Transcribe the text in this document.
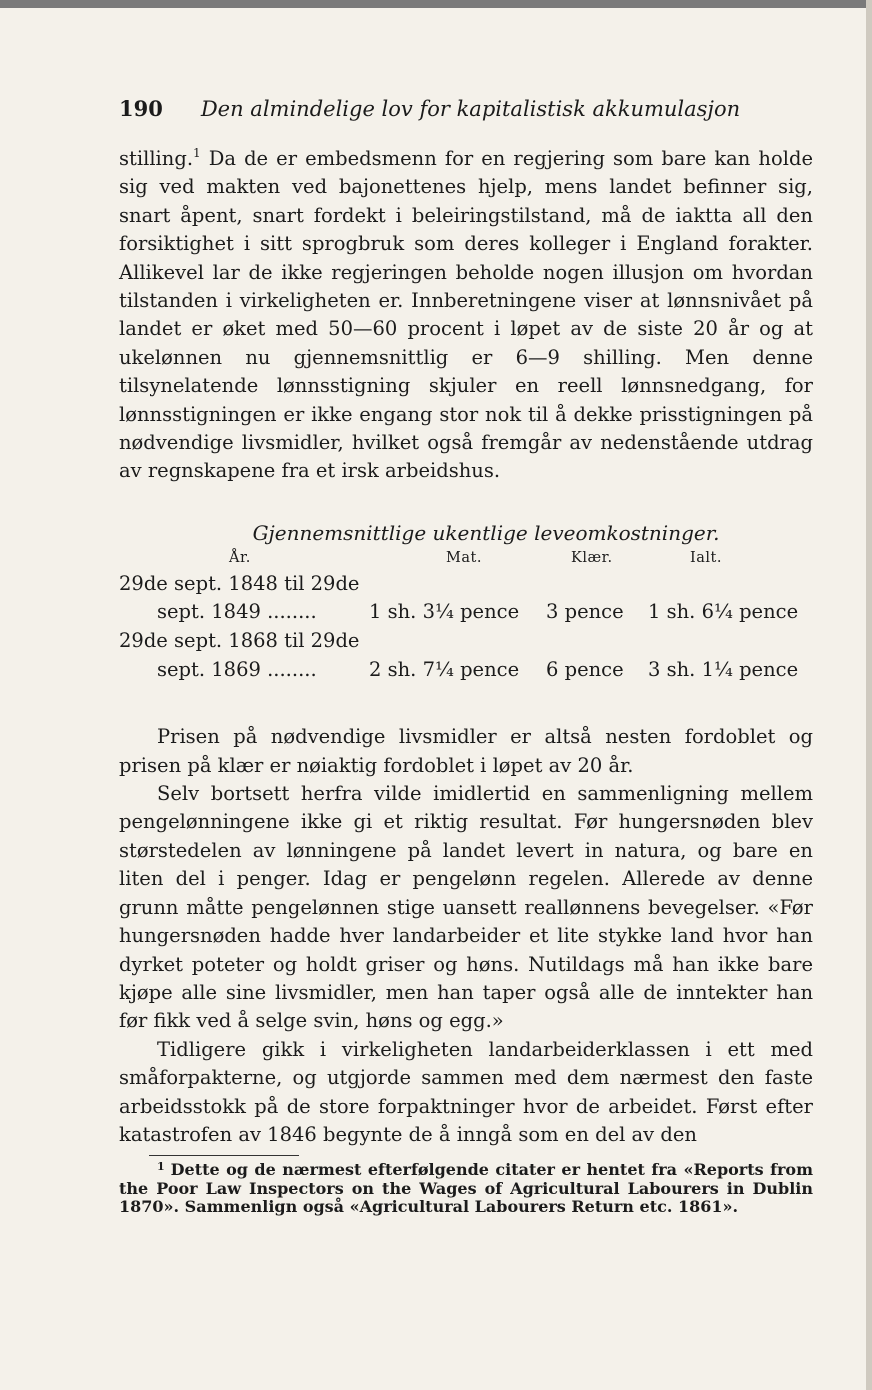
190 Den almindelige lov for kapitalistisk akkumulasjon

stilling.$^1$ Da de er embedsmenn for en regjering som bare kan holde sig ved makten ved bajonettenes hjelp, mens landet befinner sig, snart åpent, snart fordekt i beleiringstilstand, må de iaktta all den forsiktighet i sitt sprogbruk som deres kolleger i England forakter. Allikevel lar de ikke regjeringen beholde nogen illusjon om hvordan tilstanden i virkeligheten er. Innberetningene viser at lønnsnivået på landet er øket med 50—60 procent i løpet av de siste 20 år og at ukelønnen nu gjennemsnittlig er 6—9 shilling. Men denne tilsynelatende lønnsstigning skjuler en reell lønnsnedgang, for lønnsstigningen er ikke engang stor nok til å dekke prisstigningen på nødvendige livsmidler, hvilket også fremgår av nedenstående utdrag av regnskapene fra et irsk arbeidshus.

Gjennemsnittlige ukentlige leveomkostninger.
År.	Mat.	Klær.	Ialt.
29de sept. 1848 til 29de
sept. 1849 ........	1 sh. 3¼ pence	3 pence	1 sh. 6¼ pence
29de sept. 1868 til 29de
sept. 1869 ........	2 sh. 7¼ pence	6 pence	3 sh. 1¼ pence

Prisen på nødvendige livsmidler er altså nesten fordoblet og prisen på klær er nøiaktig fordoblet i løpet av 20 år.

Selv bortsett herfra vilde imidlertid en sammenligning mellem pengelønningene ikke gi et riktig resultat. Før hungersnøden blev størstedelen av lønningene på landet levert in natura, og bare en liten del i penger. Idag er pengelønn regelen. Allerede av denne grunn måtte pengelønnen stige uansett reallønnens bevegelser. «Før hungersnøden hadde hver landarbeider et lite stykke land hvor han dyrket poteter og holdt griser og høns. Nutildags må han ikke bare kjøpe alle sine livsmidler, men han taper også alle de inntekter han før fikk ved å selge svin, høns og egg.»

Tidligere gikk i virkeligheten landarbeiderklassen i ett med småforpakterne, og utgjorde sammen med dem nærmest den faste arbeidsstokk på de store forpaktninger hvor de arbeidet. Først efter katastrofen av 1846 begynte de å inngå som en del av den

$^1$ Dette og de nærmest efterfølgende citater er hentet fra «Reports from the Poor Law Inspectors on the Wages of Agricultural Labourers in Dublin 1870». Sammenlign også «Agricultural Labourers Return etc. 1861».
